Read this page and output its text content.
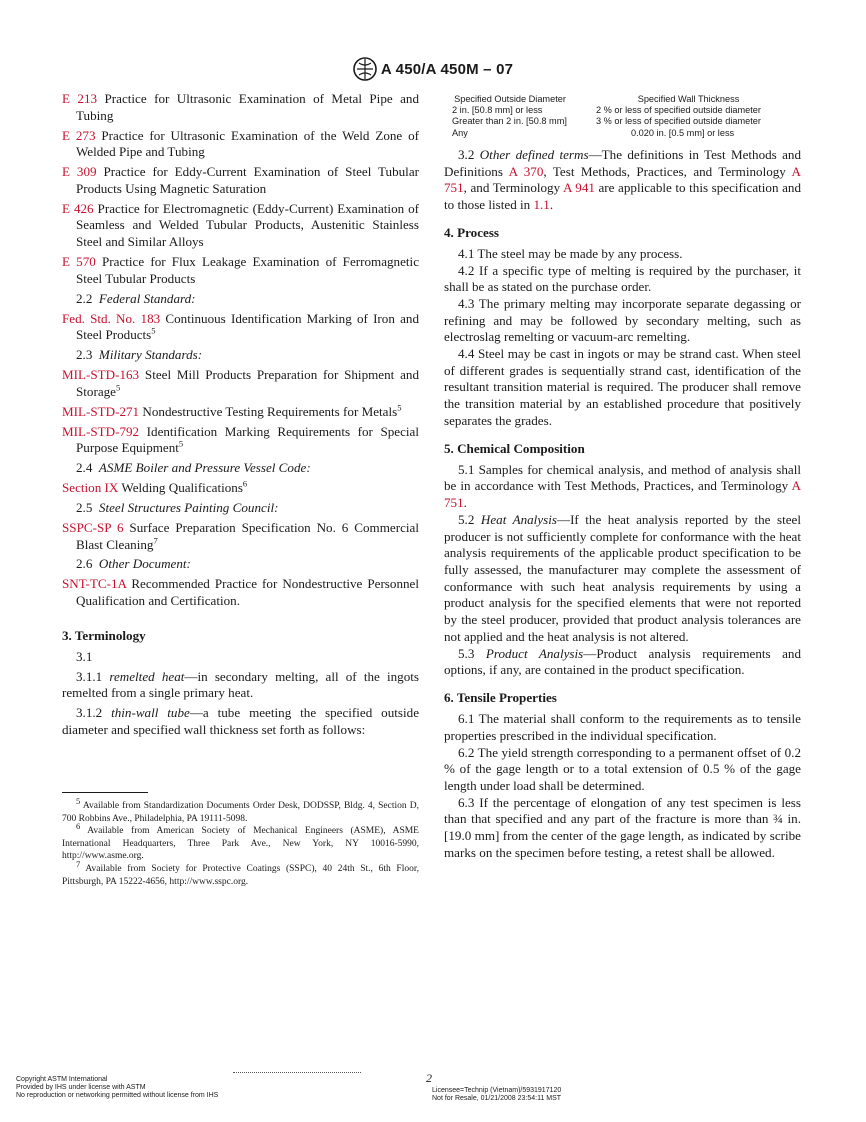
A 450/A 450M – 07

E 213 Practice for Ultrasonic Examination of Metal Pipe and Tubing

E 273 Practice for Ultrasonic Examination of the Weld Zone of Welded Pipe and Tubing

E 309 Practice for Eddy-Current Examination of Steel Tubular Products Using Magnetic Saturation

E 426 Practice for Electromagnetic (Eddy-Current) Examination of Seamless and Welded Tubular Products, Austenitic Stainless Steel and Similar Alloys

E 570 Practice for Flux Leakage Examination of Ferromagnetic Steel Tubular Products

2.2 Federal Standard:

Fed. Std. No. 183 Continuous Identification Marking of Iron and Steel Products$^5$

2.3 Military Standards:

MIL-STD-163 Steel Mill Products Preparation for Shipment and Storage$^5$

MIL-STD-271 Nondestructive Testing Requirements for Metals$^5$

MIL-STD-792 Identification Marking Requirements for Special Purpose Equipment$^5$

2.4 ASME Boiler and Pressure Vessel Code:

Section IX Welding Qualifications$^6$

2.5 Steel Structures Painting Council:

SSPC-SP 6 Surface Preparation Specification No. 6 Commercial Blast Cleaning$^7$

2.6 Other Document:

SNT-TC-1A Recommended Practice for Nondestructive Personnel Qualification and Certification.

3. Terminology

3.1

3.1.1 remelted heat—in secondary melting, all of the ingots remelted from a single primary heat.

3.1.2 thin-wall tube—a tube meeting the specified outside diameter and specified wall thickness set forth as follows:

$^5$ Available from Standardization Documents Order Desk, DODSSP, Bldg. 4, Section D, 700 Robbins Ave., Philadelphia, PA 19111-5098.

$^6$ Available from American Society of Mechanical Engineers (ASME), ASME International Headquarters, Three Park Ave., New York, NY 10016-5990, http://www.asme.org.

$^7$ Available from Society for Protective Coatings (SSPC), 40 24th St., 6th Floor, Pittsburgh, PA 15222-4656, http://www.sspc.org.

Specified Outside Diameter	Specified Wall Thickness
2 in. [50.8 mm] or less	2 % or less of specified outside diameter
Greater than 2 in. [50.8 mm]	3 % or less of specified outside diameter
Any	0.020 in. [0.5 mm] or less

3.2 Other defined terms—The definitions in Test Methods and Definitions A 370, Test Methods, Practices, and Terminology A 751, and Terminology A 941 are applicable to this specification and to those listed in 1.1.

4. Process

4.1 The steel may be made by any process.

4.2 If a specific type of melting is required by the purchaser, it shall be as stated on the purchase order.

4.3 The primary melting may incorporate separate degassing or refining and may be followed by secondary melting, such as electroslag remelting or vacuum-arc remelting.

4.4 Steel may be cast in ingots or may be strand cast. When steel of different grades is sequentially strand cast, identification of the resultant transition material is required. The producer shall remove the transition material by an established procedure that positively separates the grades.

5. Chemical Composition

5.1 Samples for chemical analysis, and method of analysis shall be in accordance with Test Methods, Practices, and Terminology A 751.

5.2 Heat Analysis—If the heat analysis reported by the steel producer is not sufficiently complete for conformance with the heat analysis requirements of the applicable product specification to be fully assessed, the manufacturer may complete the assessment of conformance with such heat analysis requirements by using a product analysis for the specified elements that were not reported by the steel producer, provided that product analysis tolerances are not applied and the heat analysis is not altered.

5.3 Product Analysis—Product analysis requirements and options, if any, are contained in the product specification.

6. Tensile Properties

6.1 The material shall conform to the requirements as to tensile properties prescribed in the individual specification.

6.2 The yield strength corresponding to a permanent offset of 0.2 % of the gage length or to a total extension of 0.5 % of the gage length under load shall be determined.

6.3 If the percentage of elongation of any test specimen is less than that specified and any part of the fracture is more than ¾ in. [19.0 mm] from the center of the gage length, as indicated by scribe marks on the specimen before testing, a retest shall be allowed.

Copyright ASTM International
Provided by IHS under license with ASTM
No reproduction or networking permitted without license from IHS
2
Licensee=Technip (Vietnam)/5931917120
Not for Resale, 01/21/2008 23:54:11 MST
